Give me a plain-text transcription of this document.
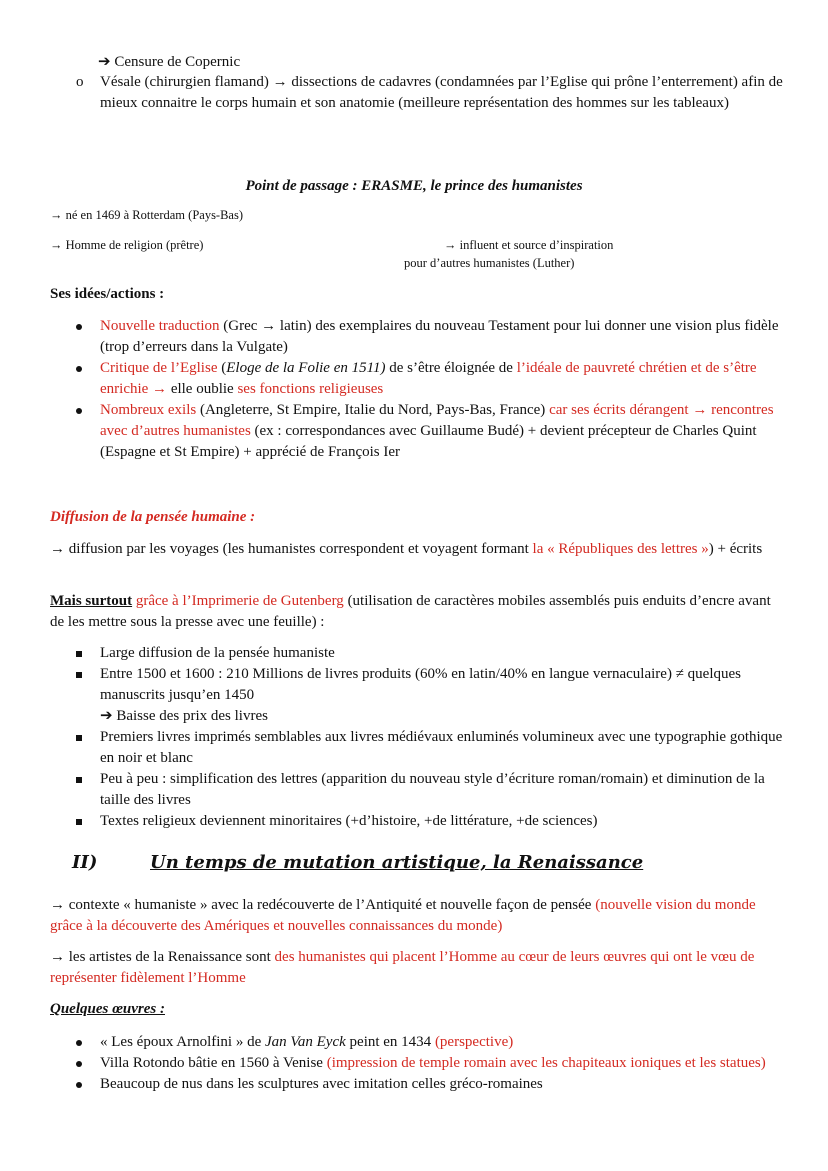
➔ Censure de Copernic
o Vésale (chirurgien flamand) → dissections de cadavres (condamnées par l’Eglise qui prône l’enterrement) afin de mieux connaitre le corps humain et son anatomie (meilleure représentation des hommes sur les tableaux)
Point de passage : ERASME, le prince des humanistes
→ né en 1469 à Rotterdam (Pays-Bas)
→ Homme de religion (prêtre)	→ influent et source d’inspiration
pour d’autres humanistes (Luther)
Ses idées/actions :
Nouvelle traduction (Grec → latin) des exemplaires du nouveau Testament pour lui donner une vision plus fidèle (trop d’erreurs dans la Vulgate)
Critique de l’Eglise (Eloge de la Folie en 1511) de s’être éloignée de l’idéale de pauvreté chrétien et de s’être enrichie → elle oublie ses fonctions religieuses
Nombreux exils (Angleterre, St Empire, Italie du Nord, Pays-Bas, France) car ses écrits dérangent → rencontres avec d’autres humanistes (ex : correspondances avec Guillaume Budé) + devient précepteur de Charles Quint (Espagne et St Empire) + apprécié de François Ier
Diffusion de la pensée humaine :
→ diffusion par les voyages (les humanistes correspondent et voyagent formant la « Républiques des lettres ») + écrits
Mais surtout grâce à l’Imprimerie de Gutenberg (utilisation de caractères mobiles assemblés puis enduits d’encre avant de les mettre sous la presse avec une feuille) :
Large diffusion de la pensée humaniste
Entre 1500 et 1600 : 210 Millions de livres produits (60% en latin/40% en langue vernaculaire) ≠ quelques manuscrits jusqu’en 1450
➔ Baisse des prix des livres
Premiers livres imprimés semblables aux livres médiévaux enluminés volumineux avec une typographie gothique en noir et blanc
Peu à peu : simplification des lettres (apparition du nouveau style d’écriture roman/romain) et diminution de la taille des livres
Textes religieux deviennent minoritaires (+d’histoire, +de littérature, +de sciences)
II)	Un temps de mutation artistique, la Renaissance
→ contexte « humaniste » avec la redécouverte de l’Antiquité et nouvelle façon de pensée (nouvelle vision du monde grâce à la découverte des Amériques et nouvelles connaissances du monde)
→ les artistes de la Renaissance sont des humanistes qui placent l’Homme au cœur de leurs œuvres qui ont le vœu de représenter fidèlement l’Homme
Quelques œuvres :
« Les époux Arnolfini » de Jan Van Eyck peint en 1434 (perspective)
Villa Rotondo bâtie en 1560 à Venise (impression de temple romain avec les chapiteaux ioniques et les statues)
Beaucoup de nus dans les sculptures avec imitation celles gréco-romaines
